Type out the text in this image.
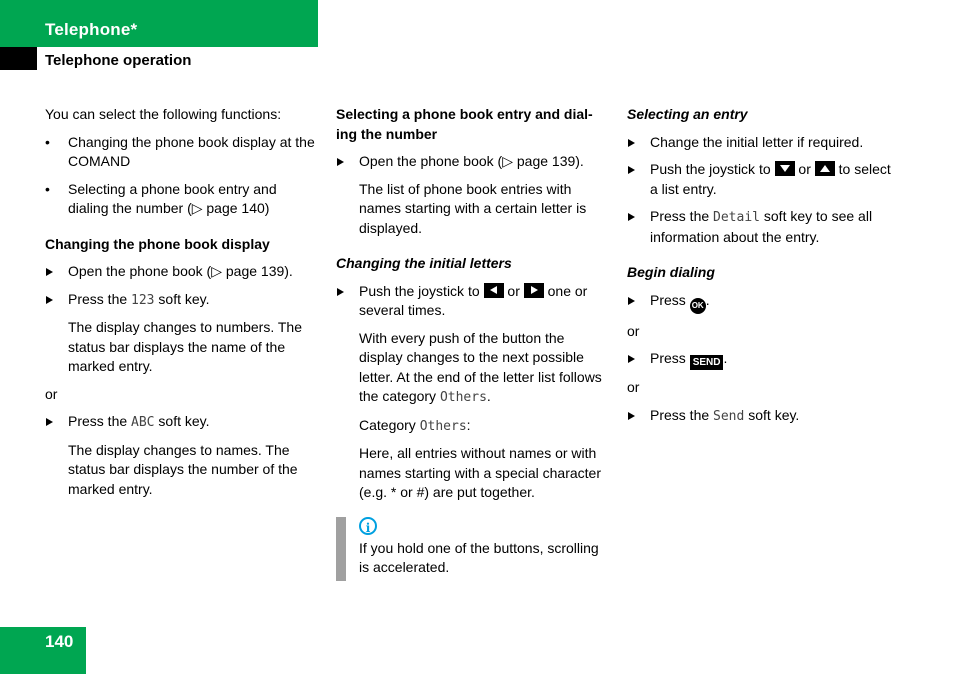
Telephone*
Telephone operation

You can select the following functions:

• Changing the phone book display at the COMAND
• Selecting a phone book entry and dialing the number (▷ page 140)
Changing the phone book display
Open the phone book (▷ page 139).
Press the 123 soft key.
The display changes to numbers. The status bar displays the name of the marked entry.

or

Press the ABC soft key.
The display changes to names. The status bar displays the number of the marked entry.
Selecting a phone book entry and dial-ing the number
Open the phone book (▷ page 139).
The list of phone book entries with names starting with a certain letter is displayed.
Changing the initial letters
Push the joystick to  or  one or several times.
With every push of the button the display changes to the next possible letter. At the end of the letter list follows the category Others.
Category Others:
Here, all entries without names or with names starting with a special character (e.g. * or #) are put together.
i
If you hold one of the buttons, scrolling is accelerated.
Selecting an entry
Change the initial letter if required.
Push the joystick to  or  to select a list entry.
Press the Detail soft key to see all information about the entry.
Begin dialing
Press OK .

or

Press SEND .

or

Press the Send soft key.
140
